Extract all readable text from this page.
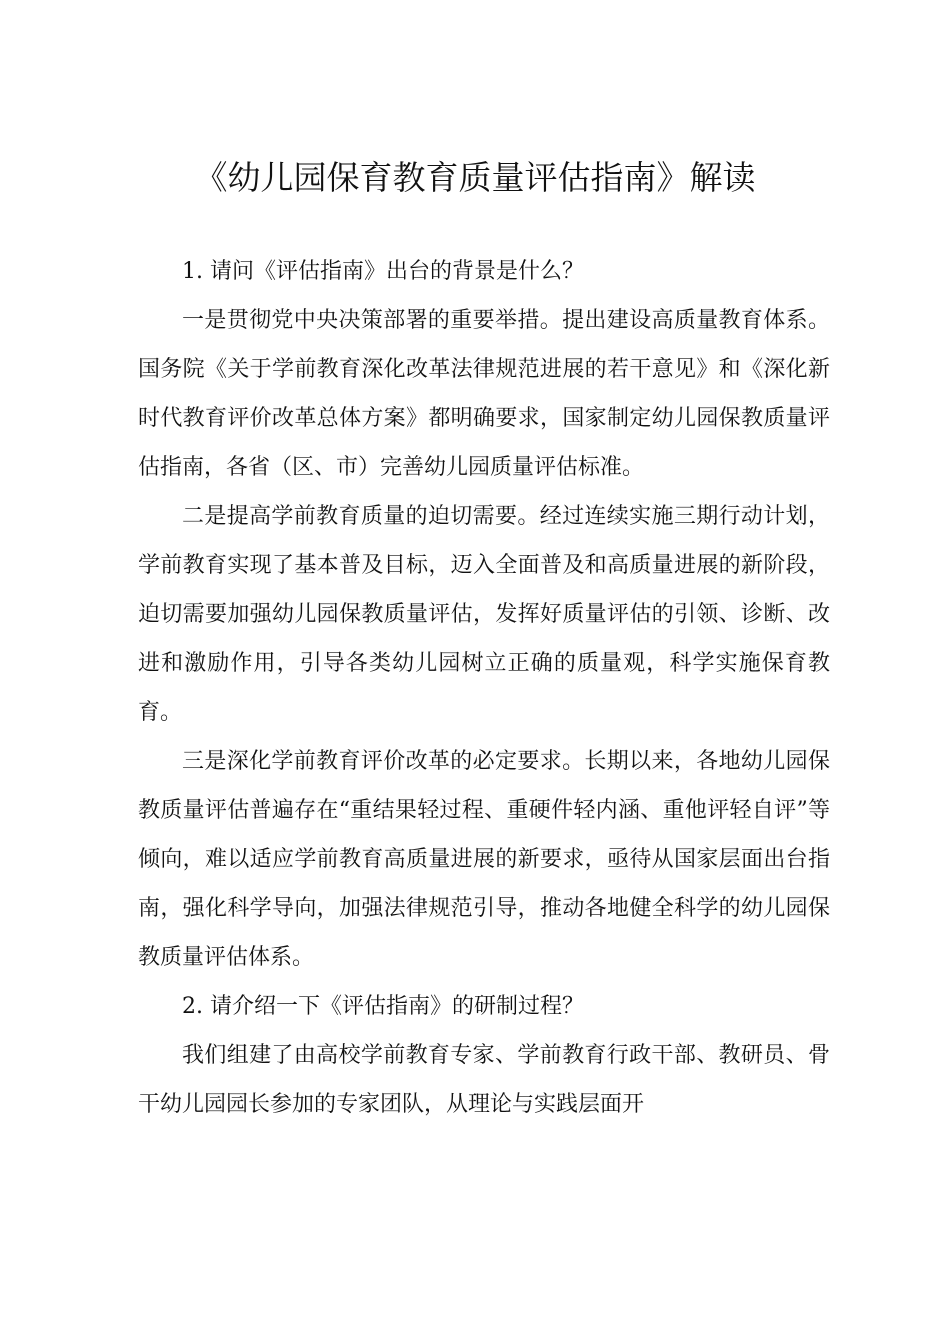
《幼儿园保育教育质量评估指南》解读

1. 请问《评估指南》出台的背景是什么？

一是贯彻党中央决策部署的重要举措。提出建设高质量教育体系。国务院《关于学前教育深化改革法律规范进展的若干意见》和《深化新时代教育评价改革总体方案》都明确要求，国家制定幼儿园保教质量评估指南，各省（区、市）完善幼儿园质量评估标准。

二是提高学前教育质量的迫切需要。经过连续实施三期行动计划，学前教育实现了基本普及目标，迈入全面普及和高质量进展的新阶段，迫切需要加强幼儿园保教质量评估，发挥好质量评估的引领、诊断、改进和激励作用，引导各类幼儿园树立正确的质量观，科学实施保育教育。

三是深化学前教育评价改革的必定要求。长期以来，各地幼儿园保教质量评估普遍存在“重结果轻过程、重硬件轻内涵、重他评轻自评”等倾向，难以适应学前教育高质量进展的新要求，亟待从国家层面出台指南，强化科学导向，加强法律规范引导，推动各地健全科学的幼儿园保教质量评估体系。

2. 请介绍一下《评估指南》的研制过程？

我们组建了由高校学前教育专家、学前教育行政干部、教研员、骨干幼儿园园长参加的专家团队，从理论与实践层面开
